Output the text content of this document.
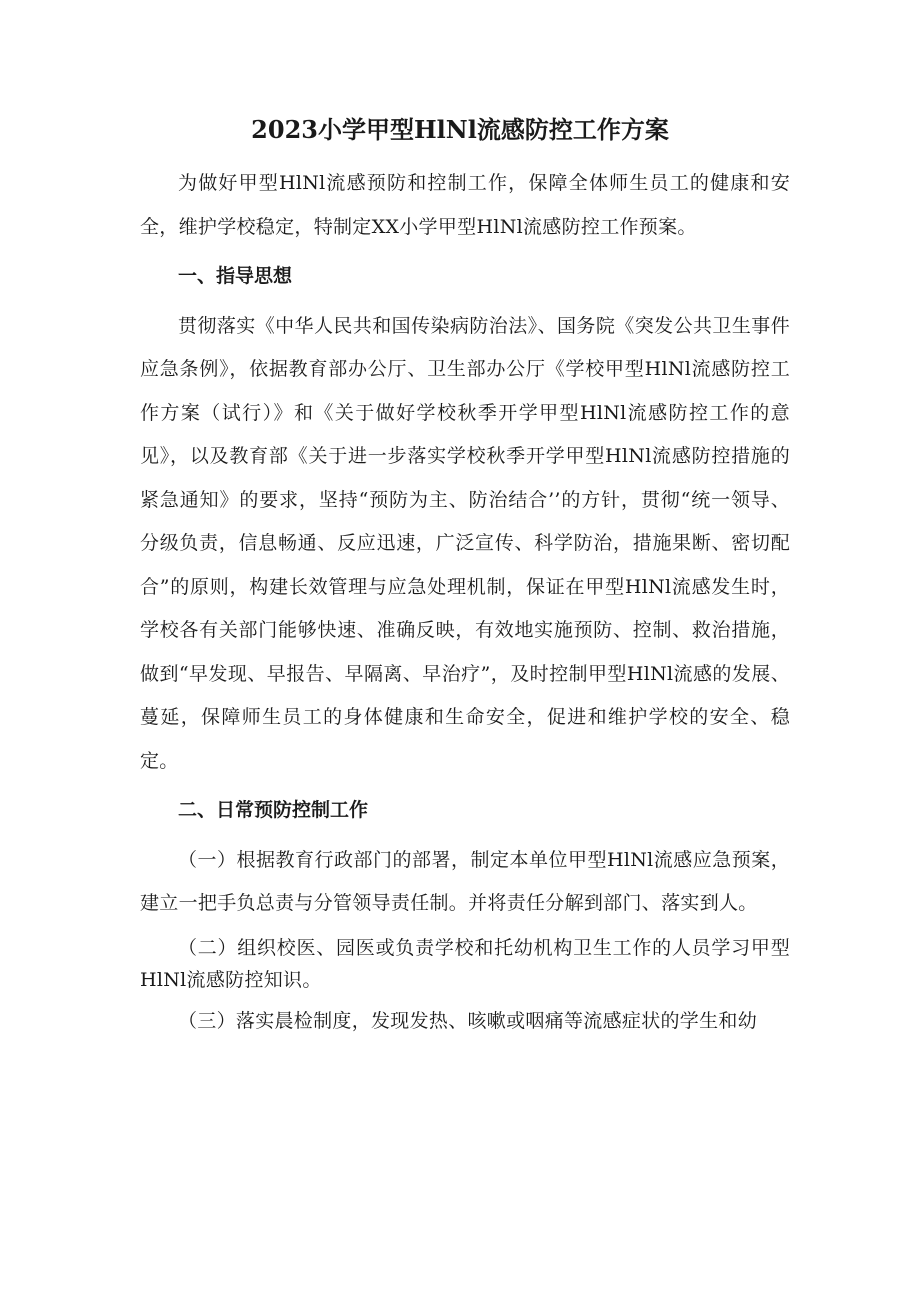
2023小学甲型HlNl流感防控工作方案

为做好甲型HlNl流感预防和控制工作，保障全体师生员工的健康和安全，维护学校稳定，特制定XX小学甲型HlNl流感防控工作预案。

一、指导思想

贯彻落实《中华人民共和国传染病防治法》、国务院《突发公共卫生事件应急条例》，依据教育部办公厅、卫生部办公厅《学校甲型HlNl流感防控工作方案（试行）》和《关于做好学校秋季开学甲型HlNl流感防控工作的意见》，以及教育部《关于进一步落实学校秋季开学甲型HlNl流感防控措施的紧急通知》的要求，坚持“预防为主、防治结合’’的方针，贯彻“统一领导、分级负责，信息畅通、反应迅速，广泛宣传、科学防治，措施果断、密切配合”的原则，构建长效管理与应急处理机制，保证在甲型HlNl流感发生时，学校各有关部门能够快速、准确反映，有效地实施预防、控制、救治措施，做到“早发现、早报告、早隔离、早治疗”，及时控制甲型HlNl流感的发展、蔓延，保障师生员工的身体健康和生命安全，促进和维护学校的安全、稳定。

二、日常预防控制工作

（一）根据教育行政部门的部署，制定本单位甲型HlNl流感应急预案，建立一把手负总责与分管领导责任制。并将责任分解到部门、落实到人。

（二）组织校医、园医或负责学校和托幼机构卫生工作的人员学习甲型HlNl流感防控知识。

（三）落实晨检制度，发现发热、咳嗽或咽痛等流感症状的学生和幼
